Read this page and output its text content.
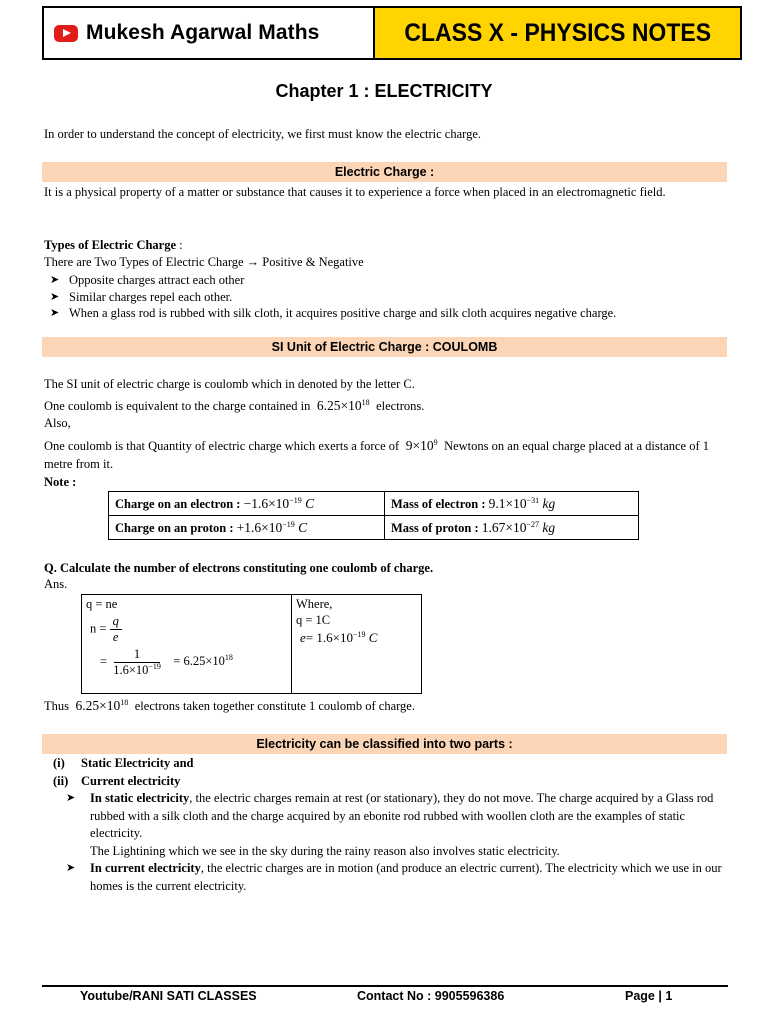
Mukesh Agarwal Maths	CLASS X - PHYSICS NOTES
Chapter 1 : ELECTRICITY
In order to understand the concept of electricity, we first must know the electric charge.
Electric Charge :
It is a physical property of a matter or substance that causes it to experience a force when placed in an electromagnetic field.
Types of Electric Charge :
There are Two Types of Electric Charge → Positive & Negative
➤ Opposite charges attract each other
➤ Similar charges repel each other.
➤ When a glass rod is rubbed with silk cloth, it acquires positive charge and silk cloth acquires negative charge.
SI Unit of Electric Charge : COULOMB
The SI unit of electric charge is coulomb which in denoted by the letter C.
One coulomb is equivalent to the charge contained in $6.25\times 10^{18}$ electrons.
Also,
One coulomb is that Quantity of electric charge which exerts a force of $9\times 10^9$ Newtons on an equal charge placed at a distance of 1 metre from it.
Note :
Charge on an electron : $-1.6\times 10^{-19}$ C	Mass of electron : $9.1\times 10^{-31}$ kg
Charge on an proton : $+1.6\times 10^{-19}$ C	Mass of proton : $1.67\times 10^{-27}$ kg
Q. Calculate the number of electrons constituting one coulomb of charge.
Ans.
q = ne
$n = \frac{q}{e}$
= $\frac{1}{1.6\times 10^{-19}} = 6.25\times 10^{18}$

Where,
q = 1C
$e= 1.6\times 10^{-19}$ C
Thus $6.25\times 10^{18}$ electrons taken together constitute 1 coulomb of charge.
Electricity can be classified into two parts :
(i) Static Electricity and
(ii) Current electricity
➤	In static electricity, the electric charges remain at rest (or stationary), they do not move. The charge acquired by a Glass rod rubbed with a silk cloth and the charge acquired by an ebonite rod rubbed with woollen cloth are the examples of static electricity.
The Lightining which we see in the sky during the rainy reason also involves static electricity.
➤	In current electricity, the electric charges are in motion (and produce an electric current). The electricity which we use in our homes is the current electricity.
Youtube/RANI SATI CLASSES	Contact No : 9905596386	Page | 1
